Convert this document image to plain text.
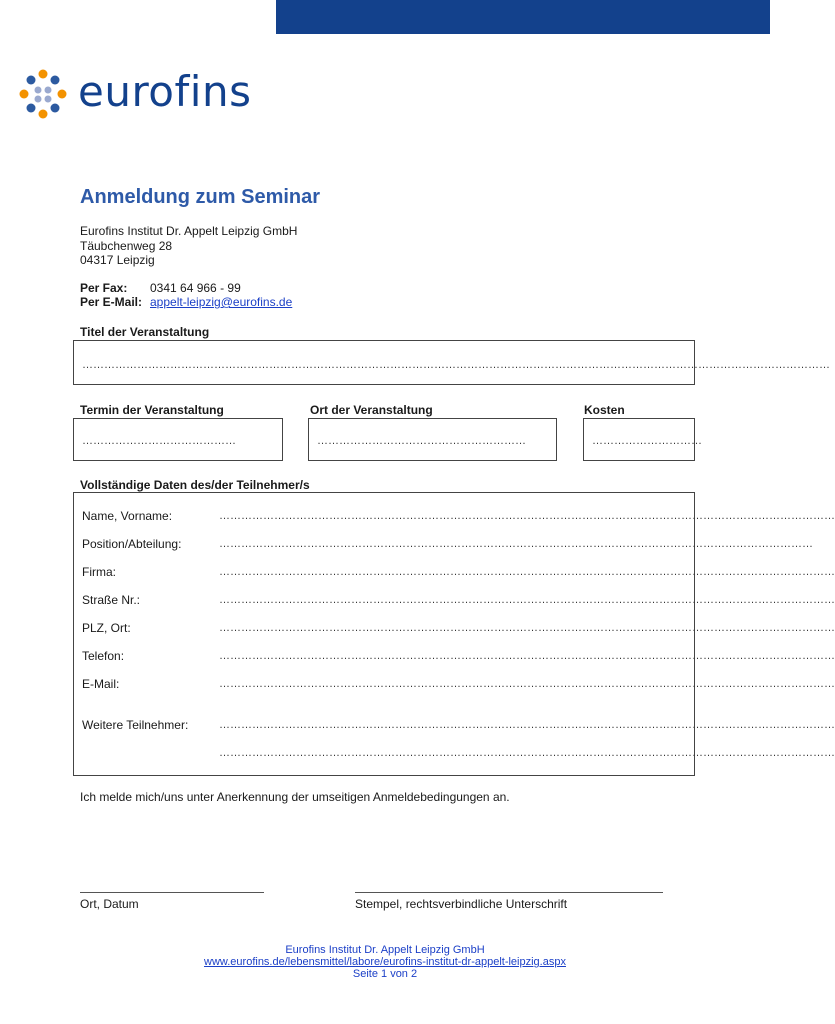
eurofins
Anmeldung zum Seminar
Eurofins Institut Dr. Appelt Leipzig GmbH
Täubchenweg 28
04317 Leipzig
Per Fax: 0341 64 966 - 99
Per E-Mail: appelt-leipzig@eurofins.de
Titel der Veranstaltung
……………………………………………………………………………………………………………………………………………………………………………………
Termin der Veranstaltung	Ort der Veranstaltung	Kosten
……………………………………	…………………………………………………	…………………………
Vollständige Daten des/der Teilnehmer/s
Name, Vorname:	……………………………………………………………………………………………………………………………………………………
Position/Abteilung:	………………………………………………………………………………………………………………………………………………
Firma:	……………………………………………………………………………………………………………………………………………………
Straße Nr.:	……………………………………………………………………………………………………………………………………………………
PLZ, Ort:	……………………………………………………………………………………………………………………………………………………
Telefon:	……………………………………………………………………………………………………………………………………………………
E-Mail:	……………………………………………………………………………………………………………………………………………………
Weitere Teilnehmer:	……………………………………………………………………………………………………………………………………………………
……………………………………………………………………………………………………………………………………………………
Ich melde mich/uns unter Anerkennung der umseitigen Anmeldebedingungen an.
Ort, Datum	Stempel, rechtsverbindliche Unterschrift
Eurofins Institut Dr. Appelt Leipzig GmbH
www.eurofins.de/lebensmittel/labore/eurofins-institut-dr-appelt-leipzig.aspx
Seite 1 von 2
